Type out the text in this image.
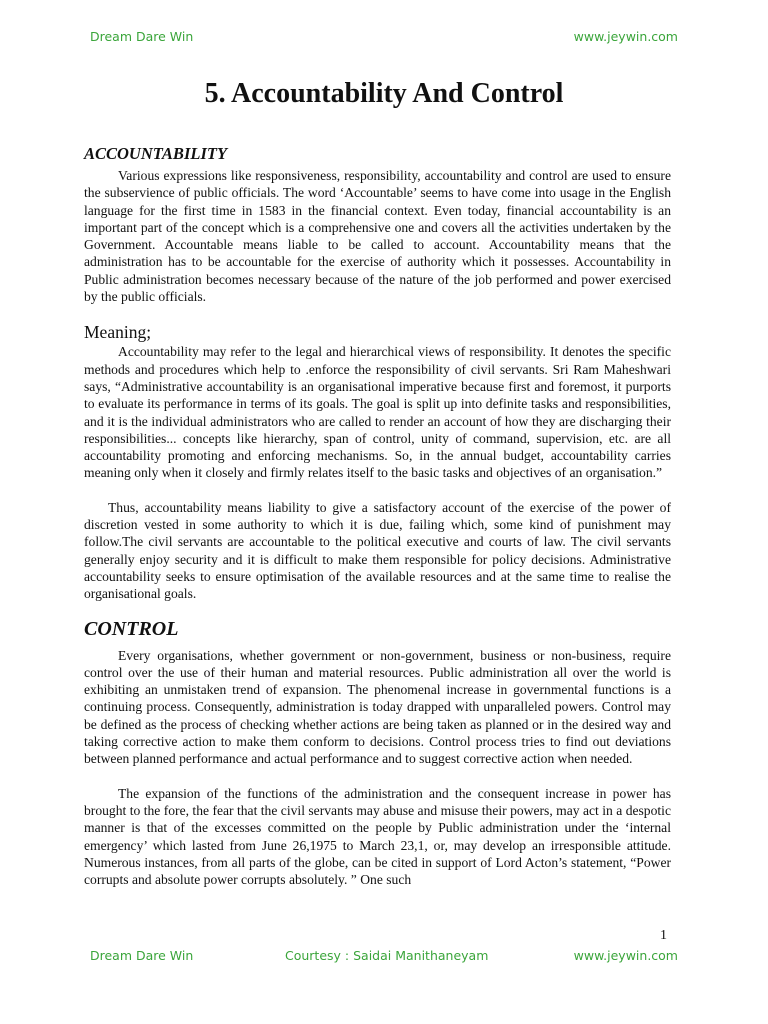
Dream Dare Win	www.jeywin.com
5. Accountability And Control
ACCOUNTABILITY

Various expressions like responsiveness, responsibility, accountability and control are used to ensure the subservience of public officials. The word ‘Accountable’ seems to have come into usage in the English language for the first time in 1583 in the financial context. Even today, financial accountability is an important part of the concept which is a comprehensive one and covers all the activities undertaken by the Government. Accountable means liable to be called to account. Accountability means that the administration has to be accountable for the exercise of authority which it possesses. Accountability in Public administration becomes necessary because of the nature of the job performed and power exercised by the public officials.

Meaning;

Accountability may refer to the legal and hierarchical views of responsibility. It denotes the specific methods and procedures which help to .enforce the responsibility of civil servants. Sri Ram Maheshwari says, “Administrative accountability is an organisational imperative because first and foremost, it purports to evaluate its performance in terms of its goals. The goal is split up into definite tasks and responsibilities, and it is the individual administrators who are called to render an account of how they are discharging their responsibilities... concepts like hierarchy, span of control, unity of command, supervision, etc. are all accountability promoting and enforcing mechanisms. So, in the annual budget, accountability carries meaning only when it closely and firmly relates itself to the basic tasks and objectives of an organisation.”

Thus, accountability means liability to give a satisfactory account of the exercise of the power of discretion vested in some authority to which it is due, failing which, some kind of punishment may follow.The civil servants are accountable to the political executive and courts of law. The civil servants generally enjoy security and it is difficult to make them responsible for policy decisions. Administrative accountability seeks to ensure optimisation of the available resources and at the same time to realise the organisational goals.

CONTROL

Every organisations, whether government or non-government, business or non-business, require control over the use of their human and material resources. Public administration all over the world is exhibiting an unmistaken trend of expansion. The phenomenal increase in governmental functions is a continuing process. Consequently, administration is today drapped with unparalleled powers. Control may be defined as the process of checking whether actions are being taken as planned or in the desired way and taking corrective action to make them conform to decisions. Control process tries to find out deviations between planned performance and actual performance and to suggest corrective action when needed.

The expansion of the functions of the administration and the consequent increase in power has brought to the fore, the fear that the civil servants may abuse and misuse their powers, may act in a despotic manner is that of the excesses committed on the people by Public administration under the ‘internal emergency’ which lasted from June 26,1975 to March 23,1, or, may develop an irresponsible attitude. Numerous instances, from all parts of the globe, can be cited in support of Lord Acton’s statement, “Power corrupts and absolute power corrupts absolutely. ” One such

1
Dream Dare Win	Courtesy : Saidai Manithaneyam	www.jeywin.com
